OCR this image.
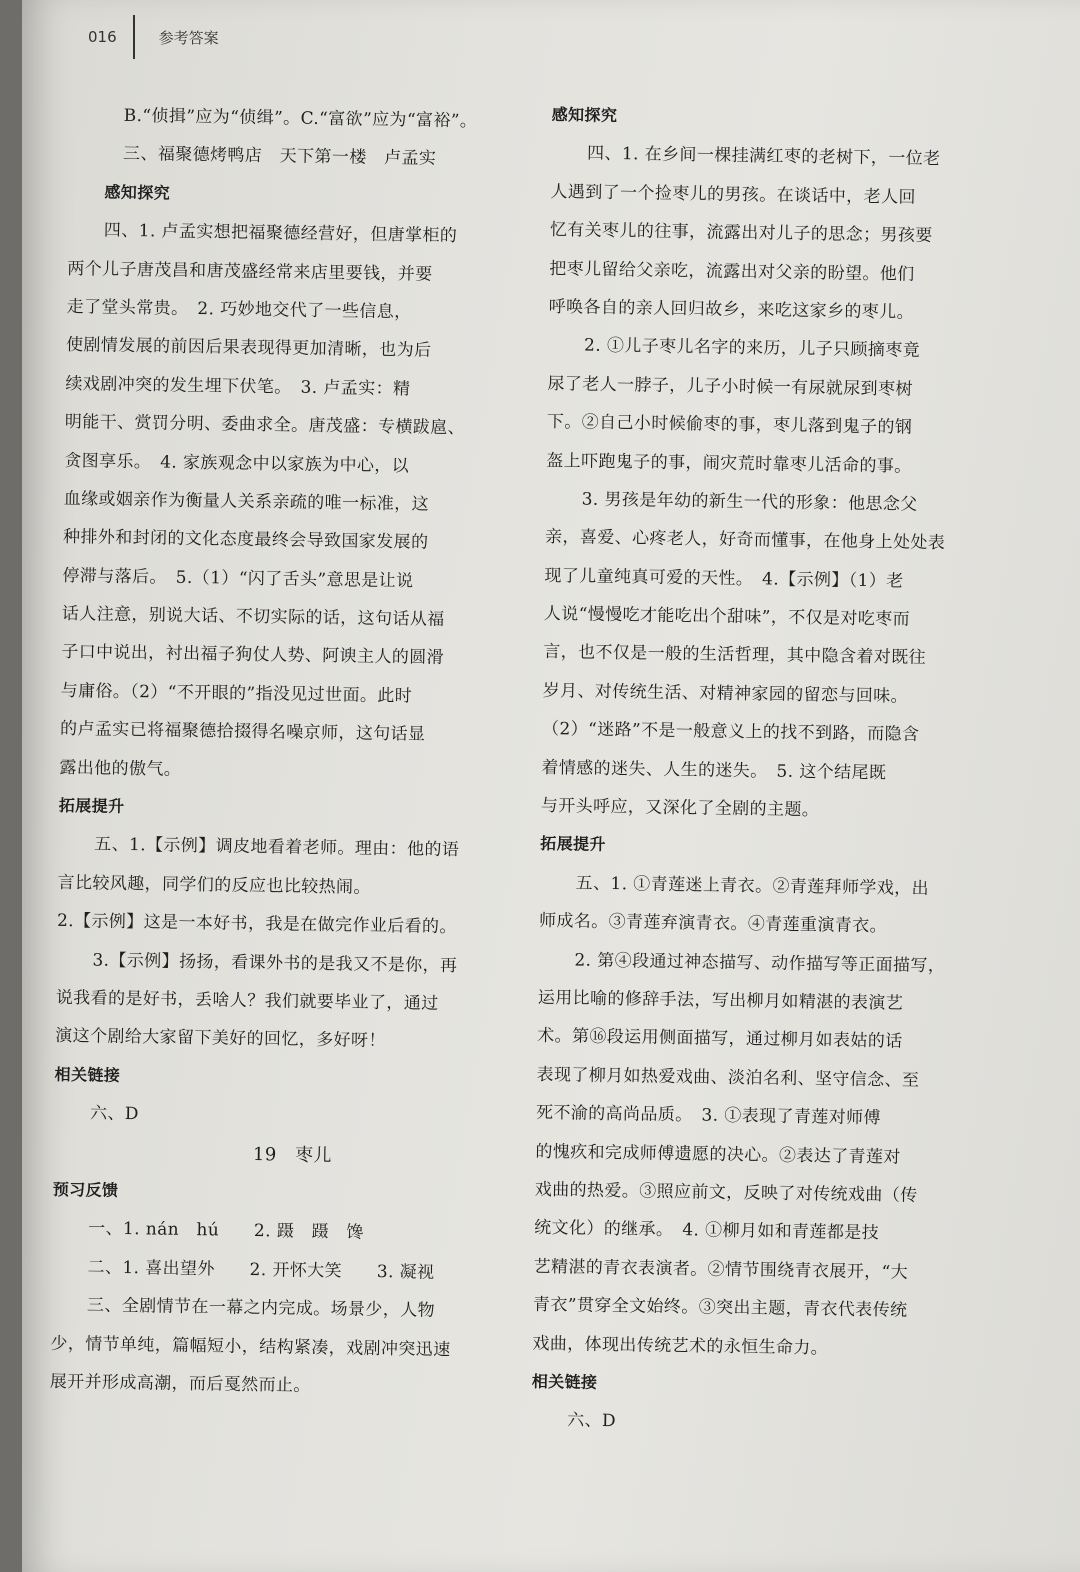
016	参考答案
B.“侦揖”应为“侦缉”。C.“富欲”应为“富裕”。
三、福聚德烤鸭店　天下第一楼　卢孟实
感知探究
四、1. 卢孟实想把福聚德经营好，但唐掌柜的
两个儿子唐茂昌和唐茂盛经常来店里要钱，并要
走了堂头常贵。　2. 巧妙地交代了一些信息，
使剧情发展的前因后果表现得更加清晰，也为后
续戏剧冲突的发生埋下伏笔。　3. 卢孟实：精
明能干、赏罚分明、委曲求全。唐茂盛：专横跋扈、
贪图享乐。　4. 家族观念中以家族为中心，以
血缘或姻亲作为衡量人关系亲疏的唯一标准，这
种排外和封闭的文化态度最终会导致国家发展的
停滞与落后。　5.（1）“闪了舌头”意思是让说
话人注意，别说大话、不切实际的话，这句话从福
子口中说出，衬出福子狗仗人势、阿谀主人的圆滑
与庸俗。（2）“不开眼的”指没见过世面。此时
的卢孟实已将福聚德拾掇得名噪京师，这句话显
露出他的傲气。
拓展提升
五、1.【示例】调皮地看着老师。理由：他的语
言比较风趣，同学们的反应也比较热闹。
2.【示例】这是一本好书，我是在做完作业后看的。
3.【示例】扬扬，看课外书的是我又不是你，再
说我看的是好书，丢啥人？我们就要毕业了，通过
演这个剧给大家留下美好的回忆，多好呀！
相关链接
六、D
19　枣儿
预习反馈
一、1. nán　hú　　2. 蹑　蹑　馋
二、1. 喜出望外　　2. 开怀大笑　　3. 凝视
三、全剧情节在一幕之内完成。场景少，人物
少，情节单纯，篇幅短小，结构紧凑，戏剧冲突迅速
展开并形成高潮，而后戛然而止。
感知探究
四、1. 在乡间一棵挂满红枣的老树下，一位老
人遇到了一个捡枣儿的男孩。在谈话中，老人回
忆有关枣儿的往事，流露出对儿子的思念；男孩要
把枣儿留给父亲吃，流露出对父亲的盼望。他们
呼唤各自的亲人回归故乡，来吃这家乡的枣儿。
2. ①儿子枣儿名字的来历，儿子只顾摘枣竟
尿了老人一脖子，儿子小时候一有尿就尿到枣树
下。②自己小时候偷枣的事，枣儿落到鬼子的钢
盔上吓跑鬼子的事，闹灾荒时靠枣儿活命的事。
3. 男孩是年幼的新生一代的形象：他思念父
亲，喜爱、心疼老人，好奇而懂事，在他身上处处表
现了儿童纯真可爱的天性。　4.【示例】（1）老
人说“慢慢吃才能吃出个甜味”，不仅是对吃枣而
言，也不仅是一般的生活哲理，其中隐含着对既往
岁月、对传统生活、对精神家园的留恋与回味。
（2）“迷路”不是一般意义上的找不到路，而隐含
着情感的迷失、人生的迷失。　5. 这个结尾既
与开头呼应，又深化了全剧的主题。
拓展提升
五、1. ①青莲迷上青衣。②青莲拜师学戏，出
师成名。③青莲弃演青衣。④青莲重演青衣。
2. 第④段通过神态描写、动作描写等正面描写，
运用比喻的修辞手法，写出柳月如精湛的表演艺
术。第⑯段运用侧面描写，通过柳月如表姑的话
表现了柳月如热爱戏曲、淡泊名利、坚守信念、至
死不渝的高尚品质。　3. ①表现了青莲对师傅
的愧疚和完成师傅遗愿的决心。②表达了青莲对
戏曲的热爱。③照应前文，反映了对传统戏曲（传
统文化）的继承。　4. ①柳月如和青莲都是技
艺精湛的青衣表演者。②情节围绕青衣展开，“大
青衣”贯穿全文始终。③突出主题，青衣代表传统
戏曲，体现出传统艺术的永恒生命力。
相关链接
六、D
